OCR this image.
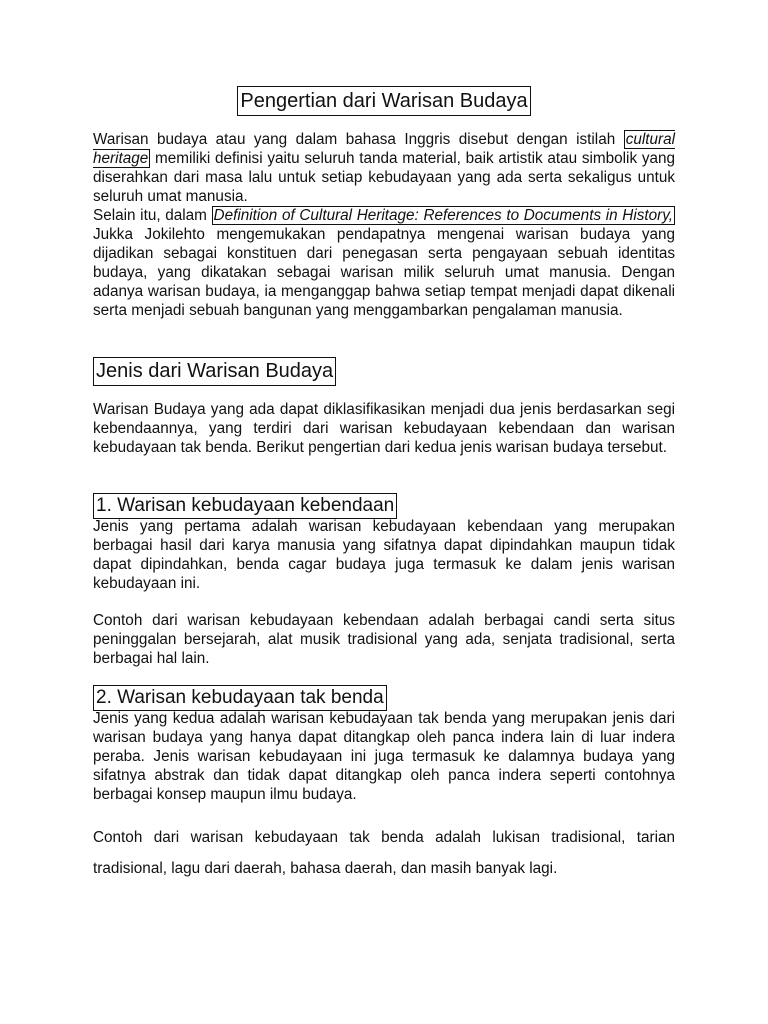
Pengertian dari Warisan Budaya

Warisan budaya atau yang dalam bahasa Inggris disebut dengan istilah cultural heritage memiliki definisi yaitu seluruh tanda material, baik artistik atau simbolik yang diserahkan dari masa lalu untuk setiap kebudayaan yang ada serta sekaligus untuk seluruh umat manusia.

Selain itu, dalam Definition of Cultural Heritage: References to Documents in History, Jukka Jokilehto mengemukakan pendapatnya mengenai warisan budaya yang dijadikan sebagai konstituen dari penegasan serta pengayaan sebuah identitas budaya, yang dikatakan sebagai warisan milik seluruh umat manusia. Dengan adanya warisan budaya, ia menganggap bahwa setiap tempat menjadi dapat dikenali serta menjadi sebuah bangunan yang menggambarkan pengalaman manusia.

Jenis dari Warisan Budaya

Warisan Budaya yang ada dapat diklasifikasikan menjadi dua jenis berdasarkan segi kebendaannya, yang terdiri dari warisan kebudayaan kebendaan dan warisan kebudayaan tak benda. Berikut pengertian dari kedua jenis warisan budaya tersebut.

1. Warisan kebudayaan kebendaan

Jenis yang pertama adalah warisan kebudayaan kebendaan yang merupakan berbagai hasil dari karya manusia yang sifatnya dapat dipindahkan maupun tidak dapat dipindahkan, benda cagar budaya juga termasuk ke dalam jenis warisan kebudayaan ini.

Contoh dari warisan kebudayaan kebendaan adalah berbagai candi serta situs peninggalan bersejarah, alat musik tradisional yang ada, senjata tradisional, serta berbagai hal lain.

2. Warisan kebudayaan tak benda

Jenis yang kedua adalah warisan kebudayaan tak benda yang merupakan jenis dari warisan budaya yang hanya dapat ditangkap oleh panca indera lain di luar indera peraba. Jenis warisan kebudayaan ini juga termasuk ke dalamnya budaya yang sifatnya abstrak dan tidak dapat ditangkap oleh panca indera seperti contohnya berbagai konsep maupun ilmu budaya.

Contoh dari warisan kebudayaan tak benda adalah lukisan tradisional, tarian tradisional, lagu dari daerah, bahasa daerah, dan masih banyak lagi.
